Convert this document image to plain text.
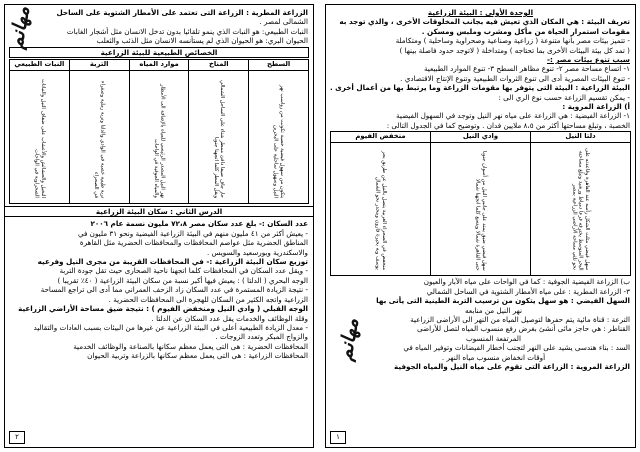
مهانم	الزراعة المطرية : الزراعة التى تعتمد على الأمطار الشتوية على الساحل
الشمالى لمصر .
النبات الطبيعي: هو النبات الذي ينمو تلقائيا بدون تدخل الانسان مثل أشجار الغابات
الحيوان البري: هو الحيوان الذي لم يستأنسه الانسان مثل الذئب والثعلب
الخصائص الطبيعية للبيئة الزراعية
السطح	المناخ	موارد المياه	التربة	النبات الطبيعي

يتكون من سهول فيضية خصبة تكونت من رواسب نهر النيل وسهول ساحلية على البحرين	حار جاف صيفا دافئ ممطر شتاء على الساحل الشمالي ويقل المطر كلما اتجهنا جنوبا	نهر النيل المصدر الرئيسي للمياه بالإضافة الى الأمطار والمياه الجوفية في الواحات	تربة طينية خصبة في الوادي والدلتا وتربة رملية وصفراء في الصحراء	النخيل والحشائش والأعشاب على ضفاف النيل والنباتات الصحراوية في الواحات
الدرس الثاني : سكان البيئة الزراعية
عدد السكان :- بلغ عدد سكان مصر ٧٢،٨ مليون نسمة عام ٢٠٠٦
- يعيش أكثر من ٤١ مليون منهم في البيئة الزراعية الفيضية ونحو ٣١ مليون في
المناطق الحضرية مثل عواصم المحافظات والمحافظات الحضرية مثل القاهرة
والاسكندرية وبورسعيد والسويس .
توزيع سكان البيئة الزراعية :- في المحافظات القريبة من مجرى النيل وفرعيه
- ويقل عدد السكان في المحافظات كلما اتجهنا ناحية الصحارى حيث تقل جودة التربة
الوجه البحري ( الدلتا ) : يعيش فيها أكبر نسبة من سكان البيئة الزراعية ( ٤٠٪ تقريبا )
- نتيجة الزيادة المستمرة في عدد السكان زاد الزحف العمراني مما أدى الى تراجع المساحة
الزراعية واتجه الكثير من السكان للهجرة الى المحافظات الحضرية .
الوجه القبلي ( وادي النيل ومنخفض الفيوم ) : نتيجة ضيق مساحة الأراضي الزراعية
وقلة الوظائف والخدمات يقل عدد السكان عن الدلتا .
- معدل الزيادة الطبيعية أعلى في البيئة الزراعية عن غيرها من البيئات بسبب العادات والتقاليد
والزواج المبكر وتعدد الزوجات .
المحافظات الحضرية : هى التى يعمل معظم سكانها بالصناعة والوظائف الخدمية
المحافظات الزراعية : هى التى يعمل معظم سكانها بالزراعة وتربية الحيوان
٢
الوحدة الأولى : البيئة الزراعية
تعريف البيئة : هي المكان الذي تعيش فيه بجانب المخلوقات الأخرى ، والذي توجد به
مقومات استمرار الحياة من مأكل ومشرب وملبس ومسكن .
- تتميز بيئات مصر بأنها متنوعة ( زراعية وصناعية وصحراوية وساحلية ) ومتكاملة
( تمد كل بيئة البيئات الأخرى بما تحتاجه ) ومتداخلة ( لاتوجد حدود فاصلة بينها )
سبب تنوع بيئات مصر :-
١- اتساع مساحة مصر ٢- تنوع مظاهر السطح ٣- تنوع الموارد الطبيعية
- تنوع البيئات المصرية أدى الى تنوع الثروات الطبيعية وتنوع الإنتاج الاقتصادي .
البيئة الزراعية : البيئة التى يتوفر بها مقومات الزراعة وما يرتبط بها من أعمال أخرى .
- يمكن تقسيم الزراعة حسب نوع الري الى :
أ) الزراعة المروية :
١- الزراعة الفيضية : هي الزراعة على مياه نهر النيل وتوجد في السهول الفيضية
الخصبة ، وتبلغ مساحتها أكثر من ٨،٥ ملايين فدان . وتوضيح كما في الجدول التالى :
دلتا النيل	وادي النيل	منخفض الفيوم

سهل فيضي مثلث الشكل رأسه عند القاهرة وقاعدته على البحر المتوسط يخترقه فرعا دمياط ورشيد وتبلغ مساحته نحو ثلثي مساحة الأراضي الزراعية بمصر	سهل فيضي ضيق يمتد على جانبي النيل من أسوان جنوبا حتى القاهرة شمالا ويتسع كلما اتجهنا شمالا	منخفض في الصحراء الغربية يتصل بالنيل عن طريق بحر يوسف وبه بحيرة قارون وينحدر نحو الشمال
مهانم
ب) الزراعة الفيضية الجوفية : كما في الواحات على مياه الآبار والعيون
٣- الزراعة المطرية : على مياه الأمطار الشتوية في الساحل الشمالي
السهل الفيضي : هو سهل يتكون من ترسيب التربة الطينية التى يأتى بها
نهر النيل من منابعه
الترعة : قناة مائية يتم حفرها لتوصيل المياه من النهر الى الأراضى الزراعية
القناطر : هي حاجز مائى أنشئ بغرض رفع منسوب المياه لتصل للأراضى
المرتفعة المنسوب
السد : بناء هندسى يشيد على النهر لتجنب أخطار الفيضانات وتوفير المياه في
أوقات انخفاض منسوب مياه النهر .
الزراعة المروية : الزراعة التى تقوم على مياه النيل والمياه الجوفية
١
